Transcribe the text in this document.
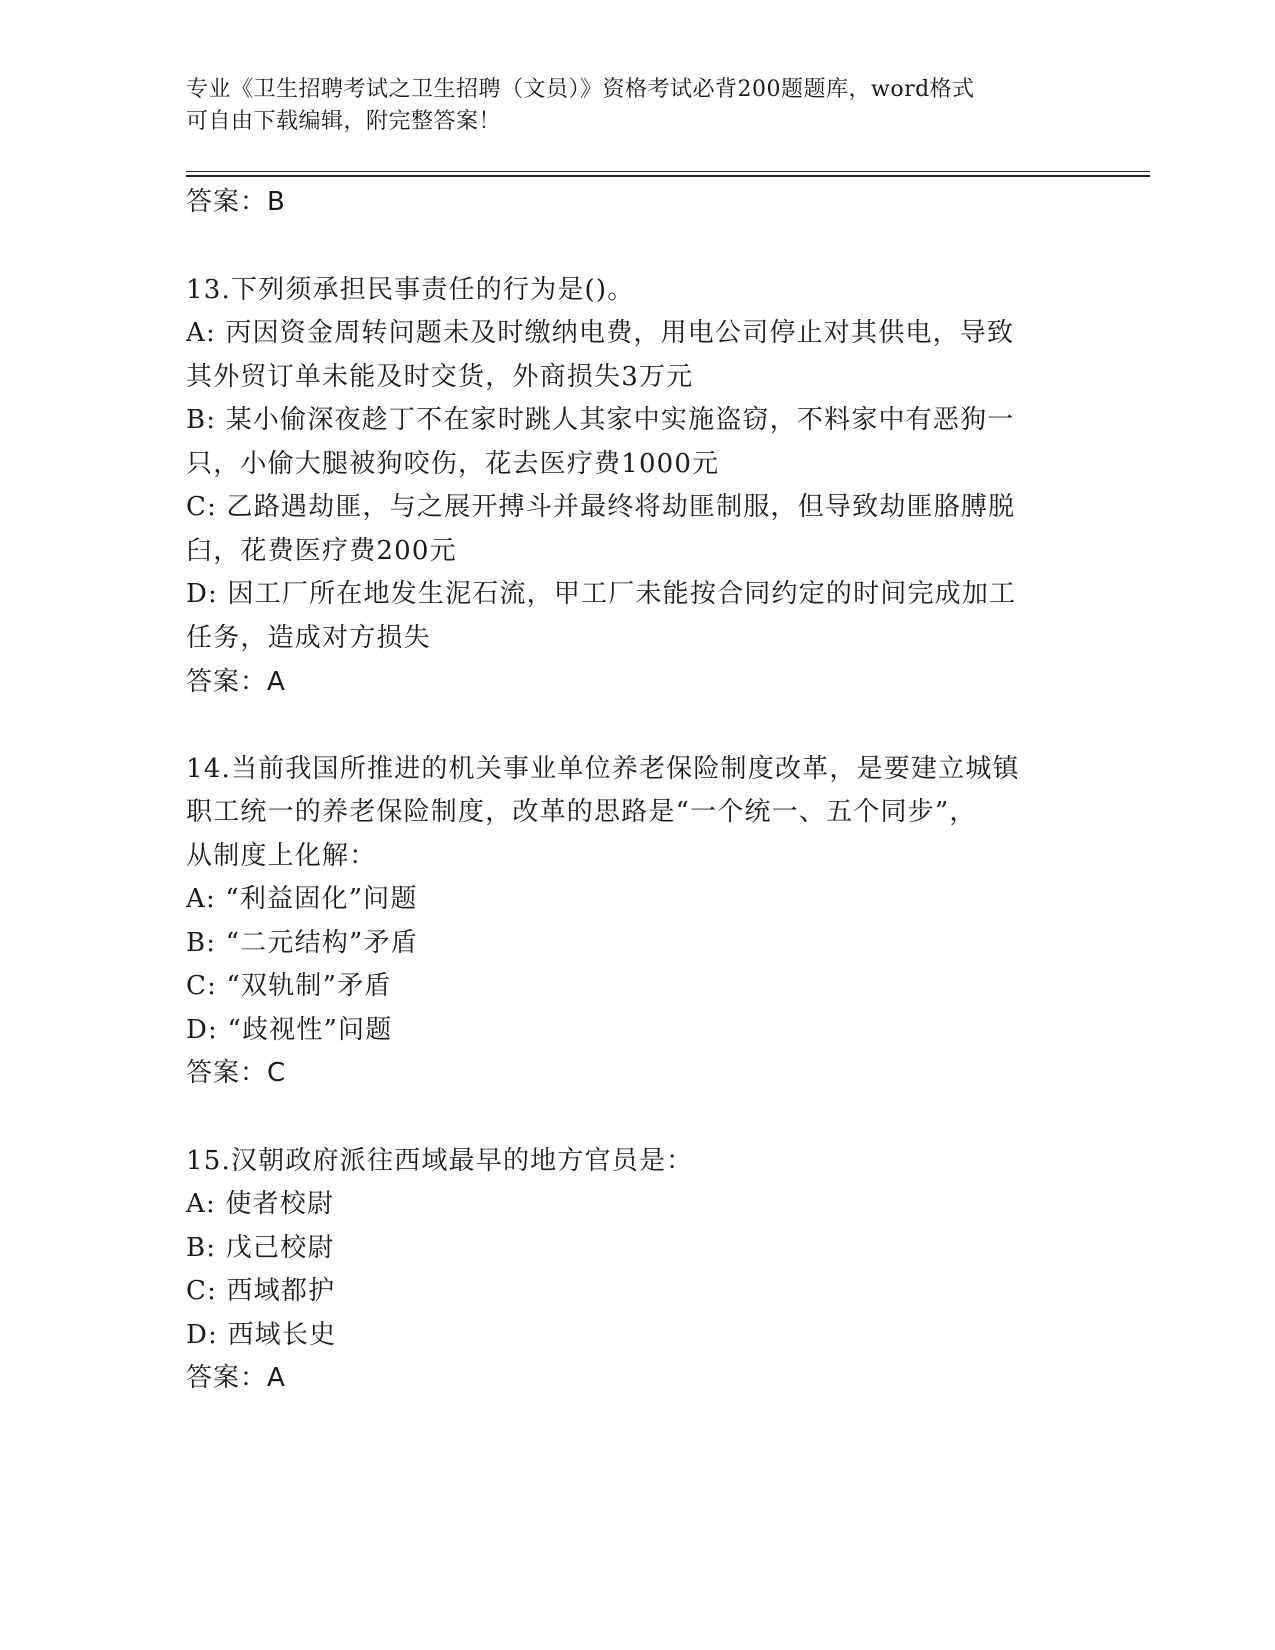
专业《卫生招聘考试之卫生招聘（文员）》资格考试必背200题题库，word格式
可自由下载编辑，附完整答案！
答案：B
13.下列须承担民事责任的行为是()。
A: 丙因资金周转问题未及时缴纳电费，用电公司停止对其供电，导致
其外贸订单未能及时交货，外商损失3万元
B: 某小偷深夜趁丁不在家时跳人其家中实施盗窃，不料家中有恶狗一
只，小偷大腿被狗咬伤，花去医疗费1000元
C: 乙路遇劫匪，与之展开搏斗并最终将劫匪制服，但导致劫匪胳膊脱
臼，花费医疗费200元
D: 因工厂所在地发生泥石流，甲工厂未能按合同约定的时间完成加工
任务，造成对方损失
答案：A
14.当前我国所推进的机关事业单位养老保险制度改革，是要建立城镇
职工统一的养老保险制度，改革的思路是“一个统一、五个同步”，
从制度上化解：
A: “利益固化”问题
B: “二元结构”矛盾
C: “双轨制”矛盾
D: “歧视性”问题
答案：C
15.汉朝政府派往西域最早的地方官员是：
A: 使者校尉
B: 戊己校尉
C: 西域都护
D: 西域长史
答案：A
